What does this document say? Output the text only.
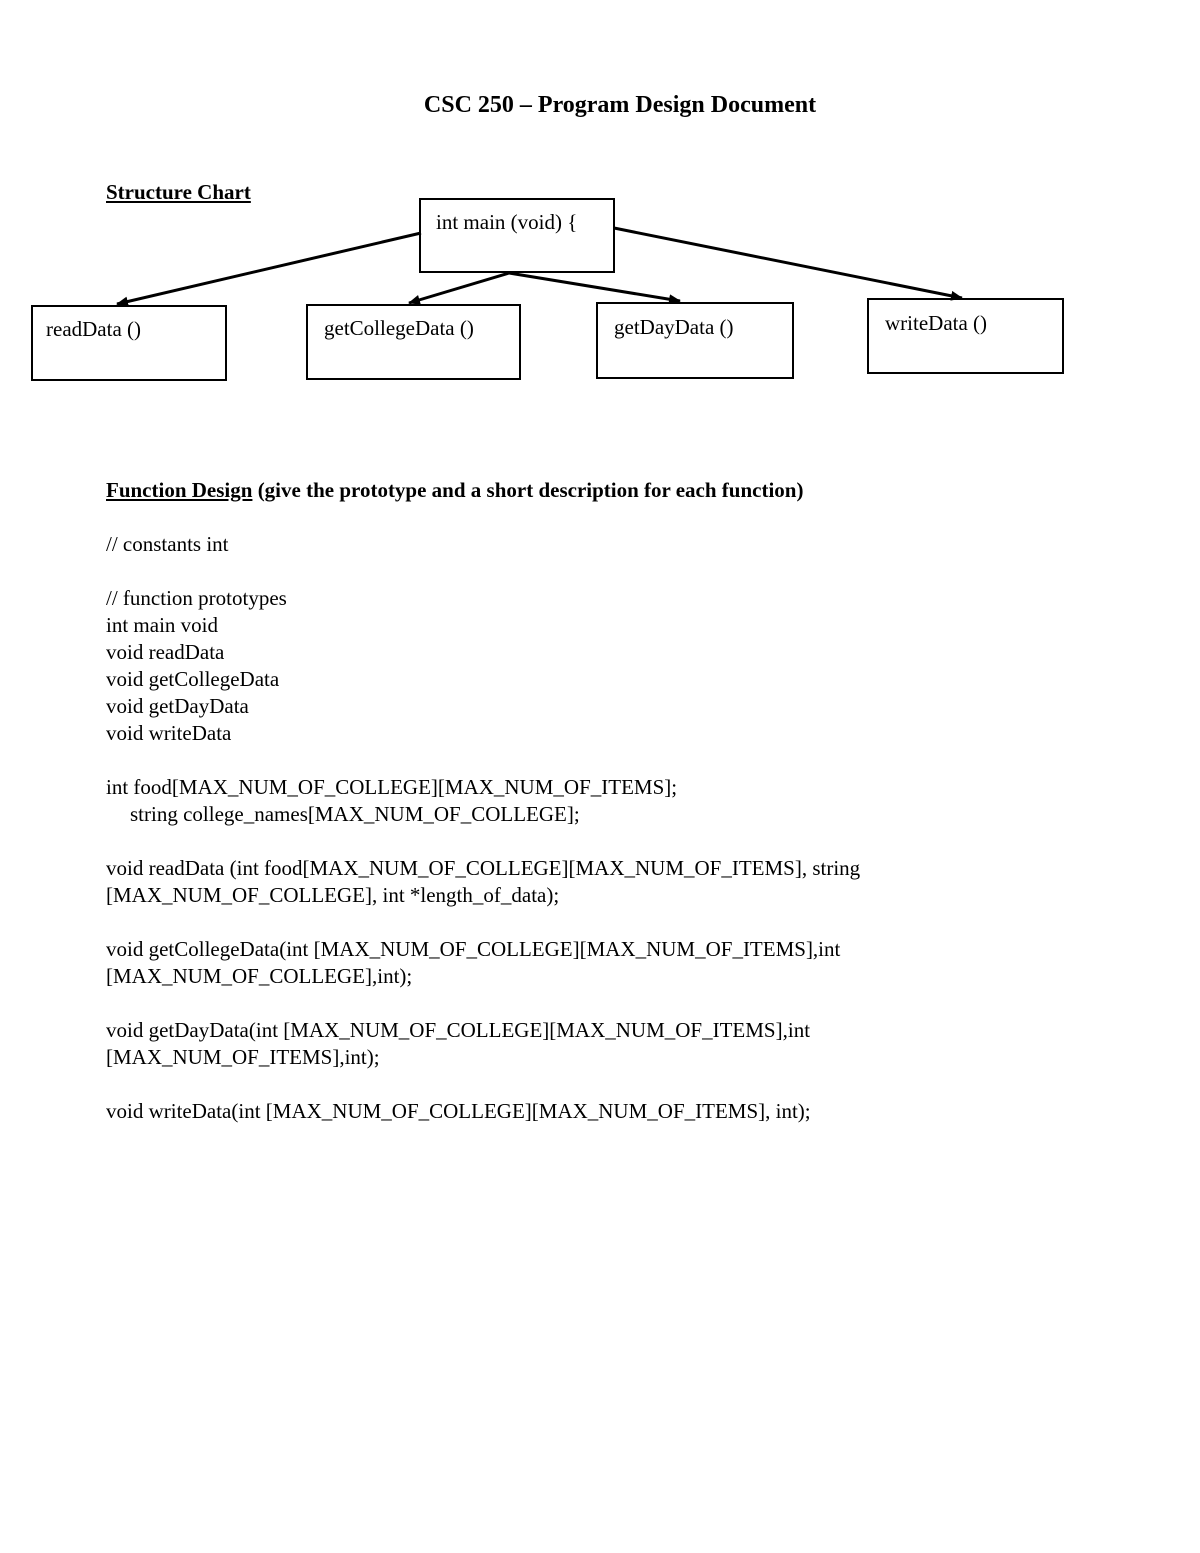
CSC 250 – Program Design Document
Structure Chart
int main (void) {
readData ()	getCollegeData ()	getDayData ()	writeData ()
Function Design (give the prototype and a short description for each function)
// constants int
// function prototypes
int main void
void readData
void getCollegeData
void getDayData
void writeData
int food[MAX_NUM_OF_COLLEGE][MAX_NUM_OF_ITEMS];
string college_names[MAX_NUM_OF_COLLEGE];
void readData (int food[MAX_NUM_OF_COLLEGE][MAX_NUM_OF_ITEMS], string
[MAX_NUM_OF_COLLEGE], int *length_of_data);
void getCollegeData(int [MAX_NUM_OF_COLLEGE][MAX_NUM_OF_ITEMS],int
[MAX_NUM_OF_COLLEGE],int);
void getDayData(int [MAX_NUM_OF_COLLEGE][MAX_NUM_OF_ITEMS],int
[MAX_NUM_OF_ITEMS],int);
void writeData(int [MAX_NUM_OF_COLLEGE][MAX_NUM_OF_ITEMS], int);
